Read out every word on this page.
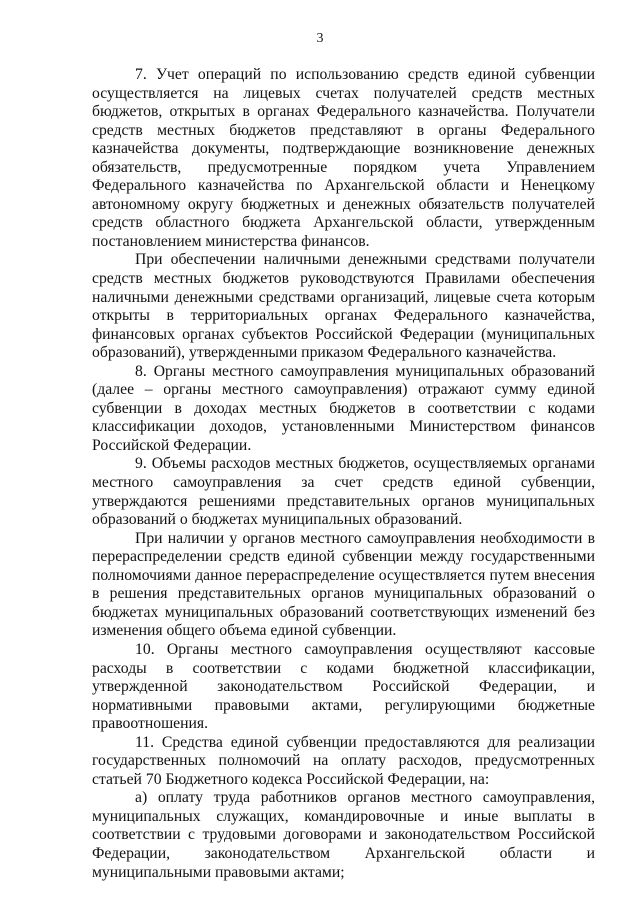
3

7. Учет операций по использованию средств единой субвенции осуществляется на лицевых счетах получателей средств местных бюджетов, открытых в органах Федерального казначейства. Получатели средств местных бюджетов представляют в органы Федерального казначейства документы, подтверждающие возникновение денежных обязательств, предусмотренные порядком учета Управлением Федерального казначейства по Архангельской области и Ненецкому автономному округу бюджетных и денежных обязательств получателей средств областного бюджета Архангельской области, утвержденным постановлением министерства финансов.

При обеспечении наличными денежными средствами получатели средств местных бюджетов руководствуются Правилами обеспечения наличными денежными средствами организаций, лицевые счета которым открыты в территориальных органах Федерального казначейства, финансовых органах субъектов Российской Федерации (муниципальных образований), утвержденными приказом Федерального казначейства.

8. Органы местного самоуправления муниципальных образований (далее – органы местного самоуправления) отражают сумму единой субвенции в доходах местных бюджетов в соответствии с кодами классификации доходов, установленными Министерством финансов Российской Федерации.

9. Объемы расходов местных бюджетов, осуществляемых органами местного самоуправления за счет средств единой субвенции, утверждаются решениями представительных органов муниципальных образований о бюджетах муниципальных образований.

При наличии у органов местного самоуправления необходимости в перераспределении средств единой субвенции между государственными полномочиями данное перераспределение осуществляется путем внесения в решения представительных органов муниципальных образований о бюджетах муниципальных образований соответствующих изменений без изменения общего объема единой субвенции.

10. Органы местного самоуправления осуществляют кассовые расходы в соответствии с кодами бюджетной классификации, утвержденной законодательством Российской Федерации, и нормативными правовыми актами, регулирующими бюджетные правоотношения.

11. Средства единой субвенции предоставляются для реализации государственных полномочий на оплату расходов, предусмотренных статьей 70 Бюджетного кодекса Российской Федерации, на:

а) оплату труда работников органов местного самоуправления, муниципальных служащих, командировочные и иные выплаты в соответствии с трудовыми договорами и законодательством Российской Федерации, законодательством Архангельской области и муниципальными правовыми актами;
